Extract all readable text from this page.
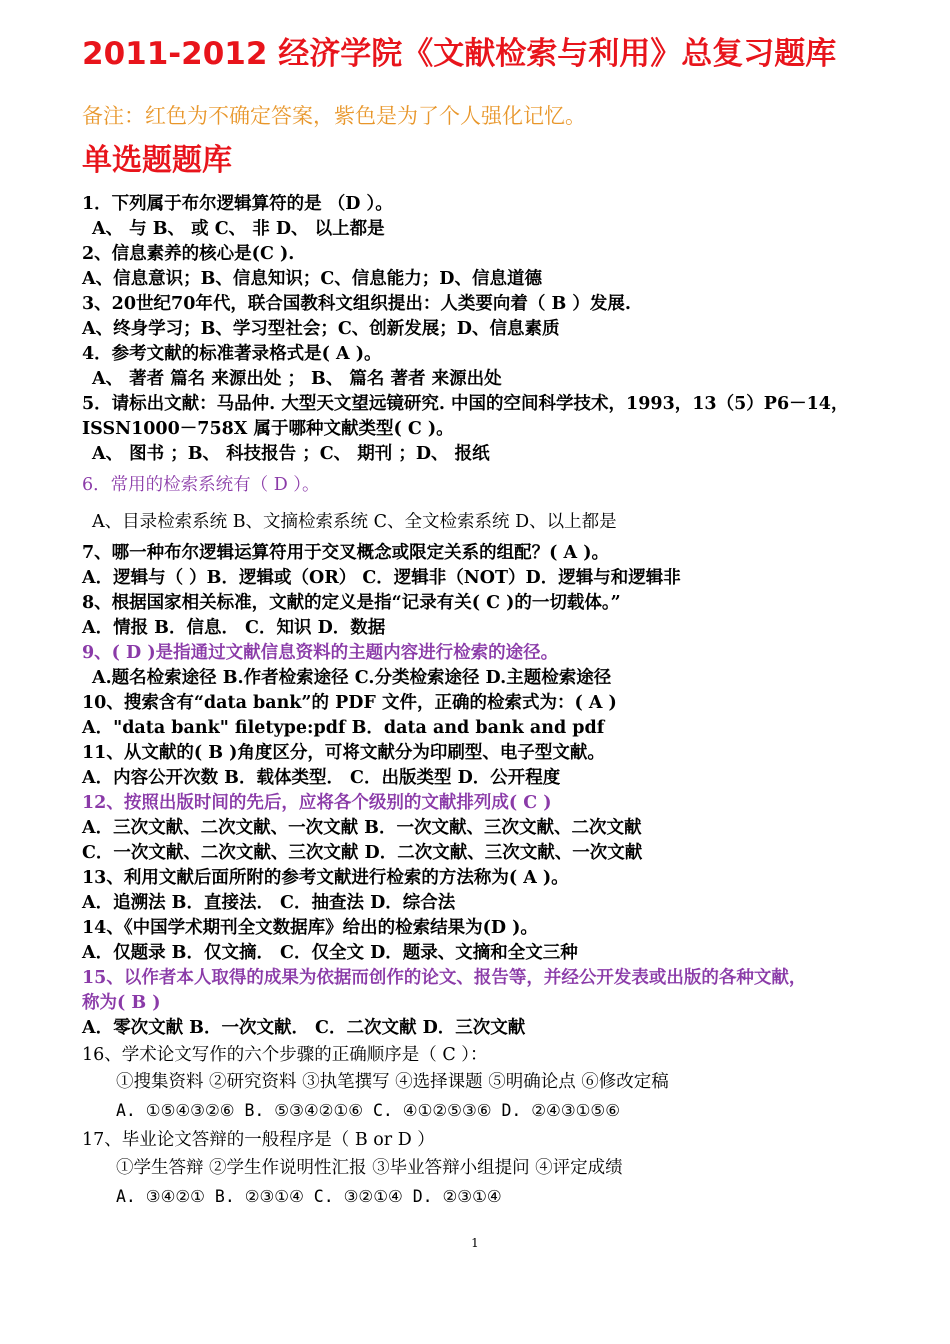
2011-2012 经济学院《文献检索与利用》总复习题库
备注：红色为不确定答案，紫色是为了个人强化记忆。
单选题题库
1．下列属于布尔逻辑算符的是 （D ）。
A、 与 B、 或 C、 非 D、 以上都是
2、信息素养的核心是(C ).
A、信息意识；B、信息知识；C、信息能力；D、信息道德
3、20世纪70年代，联合国教科文组织提出：人类要向着（ B ）发展.
A、终身学习；B、学习型社会；C、创新发展；D、信息素质
4．参考文献的标准著录格式是( A )。
A、 著者 篇名 来源出处 ； B、 篇名 著者 来源出处
5．请标出文献：马品仲. 大型天文望远镜研究. 中国的空间科学技术，1993，13（5）P6－14，
ISSN1000－758X 属于哪种文献类型( C )。
A、 图书 ；B、 科技报告 ；C、 期刊 ；D、 报纸
6．常用的检索系统有（ D ）。
A、目录检索系统 B、文摘检索系统 C、全文检索系统 D、以上都是
7、哪一种布尔逻辑运算符用于交叉概念或限定关系的组配？( A )。
A．逻辑与（ ）B．逻辑或（OR） C．逻辑非（NOT）D．逻辑与和逻辑非
8、根据国家相关标准，文献的定义是指“记录有关( C )的一切载体。”
A．情报 B．信息． C．知识 D．数据
9、( D )是指通过文献信息资料的主题内容进行检索的途径。
A.题名检索途径 B.作者检索途径 C.分类检索途径 D.主题检索途径
10、搜索含有“data bank”的 PDF 文件，正确的检索式为：( A )
A．"data bank" filetype:pdf B．data and bank and pdf
11、从文献的( B )角度区分，可将文献分为印刷型、电子型文献。
A．内容公开次数 B．载体类型． C．出版类型 D．公开程度
12、按照出版时间的先后，应将各个级别的文献排列成( C )
A．三次文献、二次文献、一次文献 B．一次文献、三次文献、二次文献
C．一次文献、二次文献、三次文献 D．二次文献、三次文献、一次文献
13、利用文献后面所附的参考文献进行检索的方法称为( A )。
A．追溯法 B．直接法． C．抽查法 D．综合法
14、《中国学术期刊全文数据库》给出的检索结果为(D )。
A．仅题录 B．仅文摘． C．仅全文 D．题录、文摘和全文三种
15、以作者本人取得的成果为依据而创作的论文、报告等，并经公开发表或出版的各种文献，
称为( B )
A．零次文献 B．一次文献． C．二次文献 D．三次文献
16、学术论文写作的六个步骤的正确顺序是（ C ）：
①搜集资料 ②研究资料 ③执笔撰写 ④选择课题 ⑤明确论点 ⑥修改定稿
A. ①⑤④③②⑥ B. ⑤③④②①⑥ C. ④①②⑤③⑥ D. ②④③①⑤⑥
17、毕业论文答辩的一般程序是（ B or D ）
①学生答辩 ②学生作说明性汇报 ③毕业答辩小组提问 ④评定成绩
A. ③④②① B. ②③①④ C. ③②①④ D. ②③①④
1
